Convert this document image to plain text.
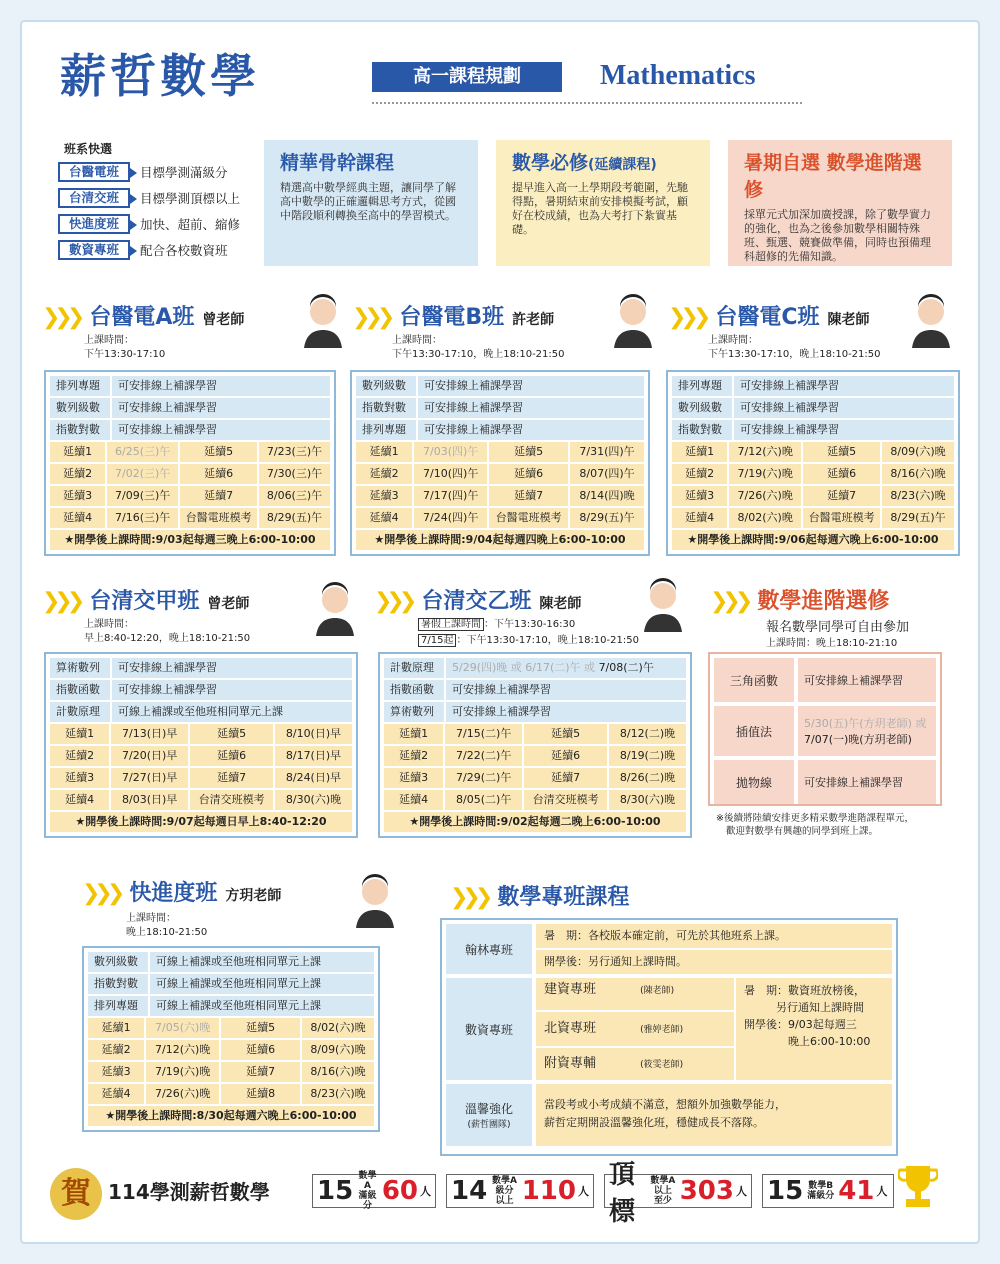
薪哲數學	高一課程規劃	Mathematics
班系快選
台醫電班	目標學測滿級分
台清交班	目標學測頂標以上
快進度班	加快、超前、縮修
數資專班	配合各校數資班
精華骨幹課程

精選高中數學經典主題，讓同學了解高中數學的正確邏輯思考方式，從國中階段順利轉換至高中的學習模式。

數學必修(延續課程)

提早進入高一上學期段考範圍，先馳得點，暑期結束前安排模擬考試，顧好在校成績，也為大考打下紮實基礎。

暑期自選 數學進階選修

採單元式加深加廣授課，除了數學實力的強化，也為之後參加數學相關特殊班、甄選、競賽做準備，同時也預備理科超修的先備知識。

❯❯❯ 台醫電A班 曾老師
上課時間：
下午13:30-17:10
排列專題	可安排線上補課學習
數列級數	可安排線上補課學習
指數對數	可安排線上補課學習
延續1	6/25(三)午	延續5	7/23(三)午
延續2	7/02(三)午	延續6	7/30(三)午
延續3	7/09(三)午	延續7	8/06(三)午
延續4	7/16(三)午	台醫電班模考	8/29(五)午
★開學後上課時間:9/03起每週三晚上6:00-10:00
❯❯❯ 台醫電B班 許老師
上課時間：
下午13:30-17:10，晚上18:10-21:50
數列級數	可安排線上補課學習
指數對數	可安排線上補課學習
排列專題	可安排線上補課學習
延續1	7/03(四)午	延續5	7/31(四)午
延續2	7/10(四)午	延續6	8/07(四)午
延續3	7/17(四)午	延續7	8/14(四)晚
延續4	7/24(四)午	台醫電班模考	8/29(五)午
★開學後上課時間:9/04起每週四晚上6:00-10:00
❯❯❯ 台醫電C班 陳老師
上課時間：
下午13:30-17:10，晚上18:10-21:50
排列專題	可安排線上補課學習
數列級數	可安排線上補課學習
指數對數	可安排線上補課學習
延續1	7/12(六)晚	延續5	8/09(六)晚
延續2	7/19(六)晚	延續6	8/16(六)晚
延續3	7/26(六)晚	延續7	8/23(六)晚
延續4	8/02(六)晚	台醫電班模考	8/29(五)午
★開學後上課時間:9/06起每週六晚上6:00-10:00
❯❯❯ 台清交甲班 曾老師
上課時間：
早上8:40-12:20，晚上18:10-21:50
算術數列	可安排線上補課學習
指數函數	可安排線上補課學習
計數原理	可線上補課或至他班相同單元上課
延續1	7/13(日)早	延續5	8/10(日)早
延續2	7/20(日)早	延續6	8/17(日)早
延續3	7/27(日)早	延續7	8/24(日)早
延續4	8/03(日)早	台清交班模考	8/30(六)晚
★開學後上課時間:9/07起每週日早上8:40-12:20
❯❯❯ 台清交乙班 陳老師
暑假上課時間 ：下午13:30-16:30
7/15起 ：下午13:30-17:10，晚上18:10-21:50
計數原理	5/29(四)晚 或 6/17(二)午 或 7/08(二)午
指數函數	可安排線上補課學習
算術數列	可安排線上補課學習
延續1	7/15(二)午	延續5	8/12(二)晚
延續2	7/22(二)午	延續6	8/19(二)晚
延續3	7/29(二)午	延續7	8/26(二)晚
延續4	8/05(二)午	台清交班模考	8/30(六)晚
★開學後上課時間:9/02起每週二晚上6:00-10:00
❯❯❯ 快進度班 方玥老師
上課時間：
晚上18:10-21:50
數列級數	可線上補課或至他班相同單元上課
指數對數	可線上補課或至他班相同單元上課
排列專題	可線上補課或至他班相同單元上課
延續1	7/05(六)晚	延續5	8/02(六)晚
延續2	7/12(六)晚	延續6	8/09(六)晚
延續3	7/19(六)晚	延續7	8/16(六)晚
延續4	7/26(六)晚	延續8	8/23(六)晚
★開學後上課時間:8/30起每週六晚上6:00-10:00
❯❯❯ 數學進階選修
報名數學同學可自由參加
上課時間：晚上18:10-21:10
三角函數	可安排線上補課學習
插值法
5/30(五)午(方玥老師) 或
7/07(一)晚(方玥老師)
拋物線	可安排線上補課學習
※後續將陸續安排更多精采數學進階課程單元，
歡迎對數學有興趣的同學到班上課。
❯❯❯ 數學專班課程
翰林專班
暑　期：各校版本確定前，可先於其他班系上課。
開學後：另行通知上課時間。
數資專班
建資專班	(陳老師)
北資專班	(雅婷老師)
附資專輔	(筱雯老師)
暑　期：數資班放榜後，
另行通知上課時間
開學後：9/03起每週三
晚上6:00-10:00
溫馨強化
(薪哲團隊)
當段考或小考成績不滿意，想額外加強數學能力，
薪哲定期開設溫馨強化班，穩健成長不落隊。
賀 114學測薪哲數學 15 數學A
滿級分 60 人 14 數學A
級分以上 110 人
頂標
數學A
以上至少 303 人 15 數學B
滿級分 41 人
